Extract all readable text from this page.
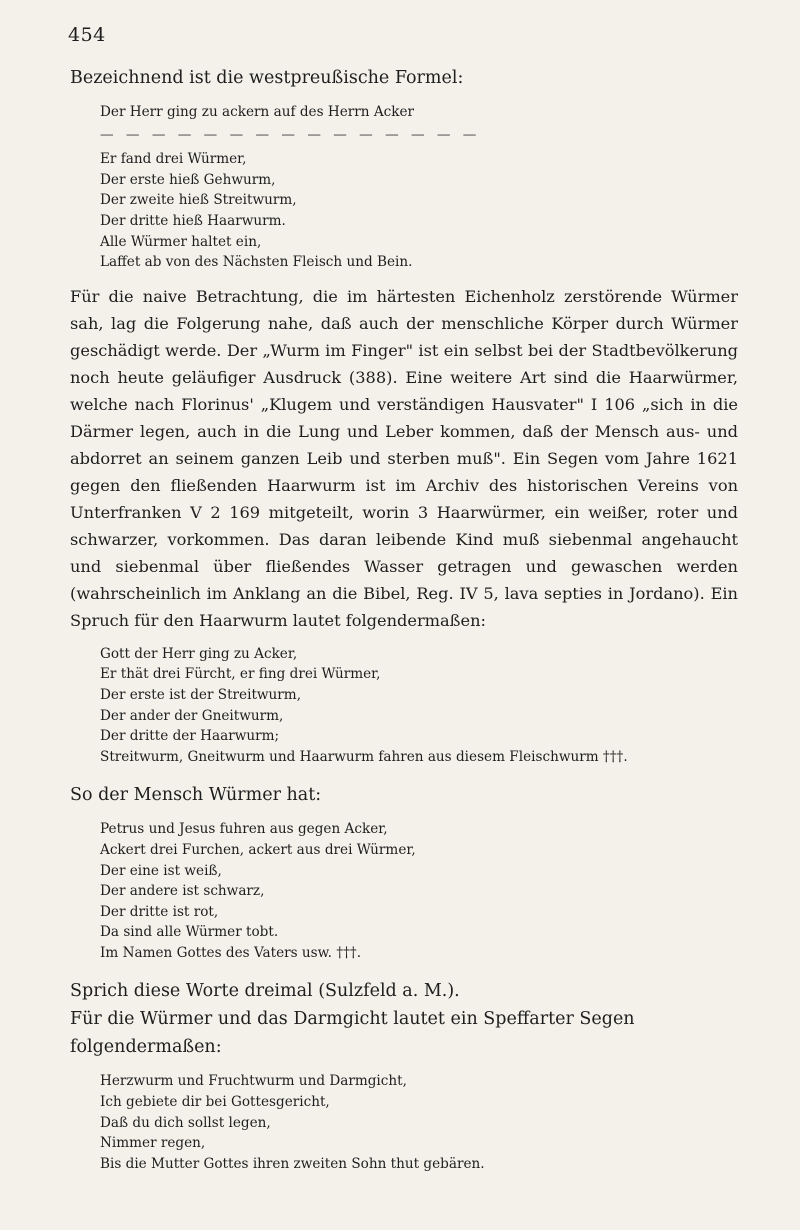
454

Bezeichnend ist die westpreußische Formel:

Der Herr ging zu ackern auf des Herrn Acker
— — — — — — — — — — — — — — —
Er fand drei Würmer,
Der erste hieß Gehwurm,
Der zweite hieß Streitwurm,
Der dritte hieß Haarwurm.
Alle Würmer haltet ein,
Laffet ab von des Nächsten Fleisch und Bein.

Für die naive Betrachtung, die im härtesten Eichenholz zerstörende Würmer sah, lag die Folgerung nahe, daß auch der menschliche Körper durch Würmer geschädigt werde. Der „Wurm im Finger" ist ein selbst bei der Stadtbevölkerung noch heute geläufiger Ausdruck (388). Eine weitere Art sind die Haarwürmer, welche nach Florinus' „Klugem und verständigen Hausvater" I 106 „sich in die Därmer legen, auch in die Lung und Leber kommen, daß der Mensch aus- und abdorret an seinem ganzen Leib und sterben muß". Ein Segen vom Jahre 1621 gegen den fließenden Haarwurm ist im Archiv des historischen Vereins von Unterfranken V 2 169 mitgeteilt, worin 3 Haarwürmer, ein weißer, roter und schwarzer, vorkommen. Das daran leibende Kind muß siebenmal angehaucht und siebenmal über fließendes Wasser getragen und gewaschen werden (wahrscheinlich im Anklang an die Bibel, Reg. IV 5, lava septies in Jordano). Ein Spruch für den Haarwurm lautet folgendermaßen:

Gott der Herr ging zu Acker,
Er thät drei Fürcht, er fing drei Würmer,
Der erste ist der Streitwurm,
Der ander der Gneitwurm,
Der dritte der Haarwurm;
Streitwurm, Gneitwurm und Haarwurm fahren aus diesem Fleischwurm †††.

So der Mensch Würmer hat:

Petrus und Jesus fuhren aus gegen Acker,
Ackert drei Furchen, ackert aus drei Würmer,
Der eine ist weiß,
Der andere ist schwarz,
Der dritte ist rot,
Da sind alle Würmer tobt.
Im Namen Gottes des Vaters usw. †††.

Sprich diese Worte dreimal (Sulzfeld a. M.).

Für die Würmer und das Darmgicht lautet ein Speffarter Segen folgendermaßen:

Herzwurm und Fruchtwurm und Darmgicht,
Ich gebiete dir bei Gottesgericht,
Daß du dich sollst legen,
Nimmer regen,
Bis die Mutter Gottes ihren zweiten Sohn thut gebären.
